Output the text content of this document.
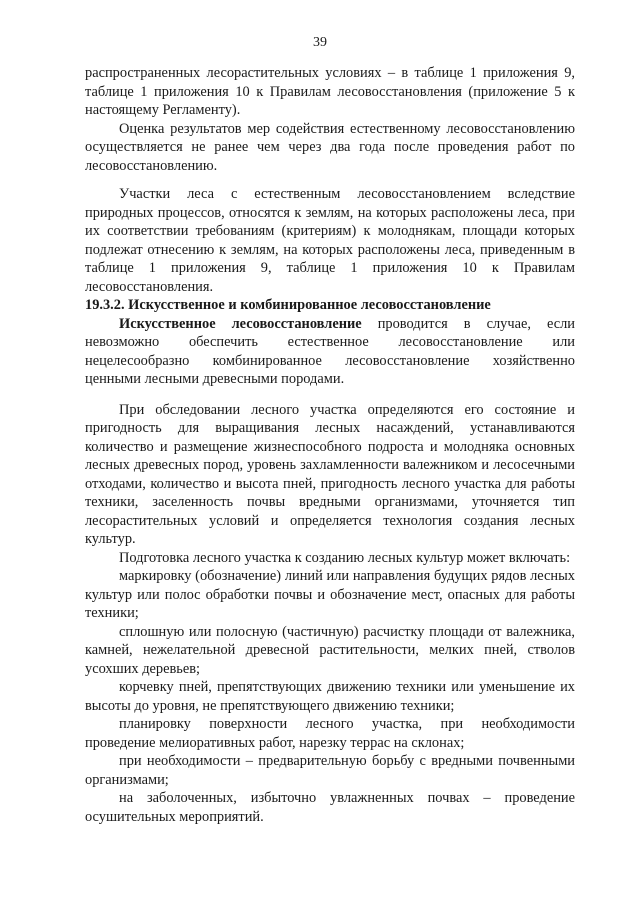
39

распространенных лесорастительных условиях – в таблице 1 приложения 9, таблице 1 приложения 10 к Правилам лесовосстановления (приложение 5 к настоящему Регламенту).

Оценка результатов мер содействия естественному лесовосстановлению осуществляется не ранее чем через два года после проведения работ по лесовосстановлению.

Участки леса с естественным лесовосстановлением вследствие природных процессов, относятся к землям, на которых расположены леса, при их соответствии требованиям (критериям) к молоднякам, площади которых подлежат отнесению к землям, на которых расположены леса, приведенным в таблице 1 приложения 9, таблице 1 приложения 10 к Правилам лесовосстановления.

19.3.2. Искусственное и комбинированное лесовосстановление

Искусственное лесовосстановление проводится в случае, если невозможно обеспечить естественное лесовосстановление или нецелесообразно комбинированное лесовосстановление хозяйственно ценными лесными древесными породами.

При обследовании лесного участка определяются его состояние и пригодность для выращивания лесных насаждений, устанавливаются количество и размещение жизнеспособного подроста и молодняка основных лесных древесных пород, уровень захламленности валежником и лесосечными отходами, количество и высота пней, пригодность лесного участка для работы техники, заселенность почвы вредными организмами, уточняется тип лесорастительных условий и определяется технология создания лесных культур.

Подготовка лесного участка к созданию лесных культур может включать:

маркировку (обозначение) линий или направления будущих рядов лесных культур или полос обработки почвы и обозначение мест, опасных для работы техники;

сплошную или полосную (частичную) расчистку площади от валежника, камней, нежелательной древесной растительности, мелких пней, стволов усохших деревьев;

корчевку пней, препятствующих движению техники или уменьшение их высоты до уровня, не препятствующего движению техники;

планировку поверхности лесного участка, при необходимости проведение мелиоративных работ, нарезку террас на склонах;

при необходимости – предварительную борьбу с вредными почвенными организмами;

на заболоченных, избыточно увлажненных почвах – проведение осушительных мероприятий.
